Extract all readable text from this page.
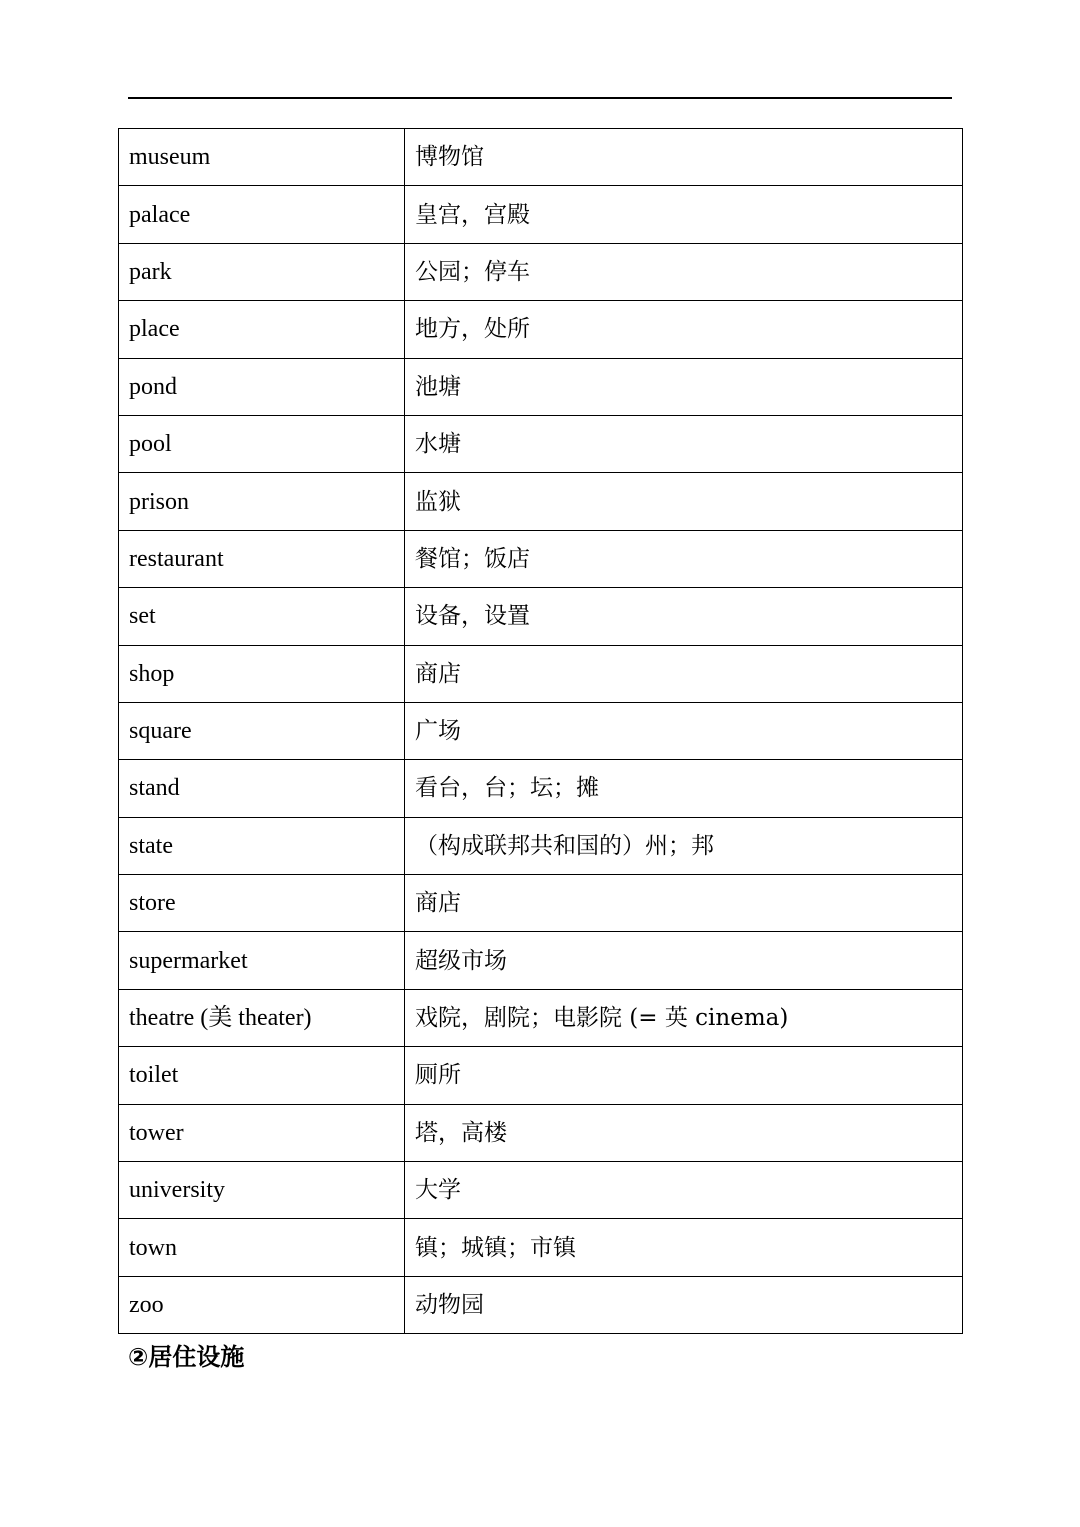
museum	博物馆
palace	皇宫，宫殿
park	公园；停车
place	地方，处所
pond	池塘
pool	水塘
prison	监狱
restaurant	餐馆；饭店
set	设备，设置
shop	商店
square	广场
stand	看台，台；坛；摊
state	（构成联邦共和国的）州；邦
store	商店
supermarket	超级市场
theatre (美 theater)	戏院，剧院；电影院 (= 英 cinema)
toilet	厕所
tower	塔，高楼
university	大学
town	镇；城镇；市镇
zoo	动物园
②居住设施
